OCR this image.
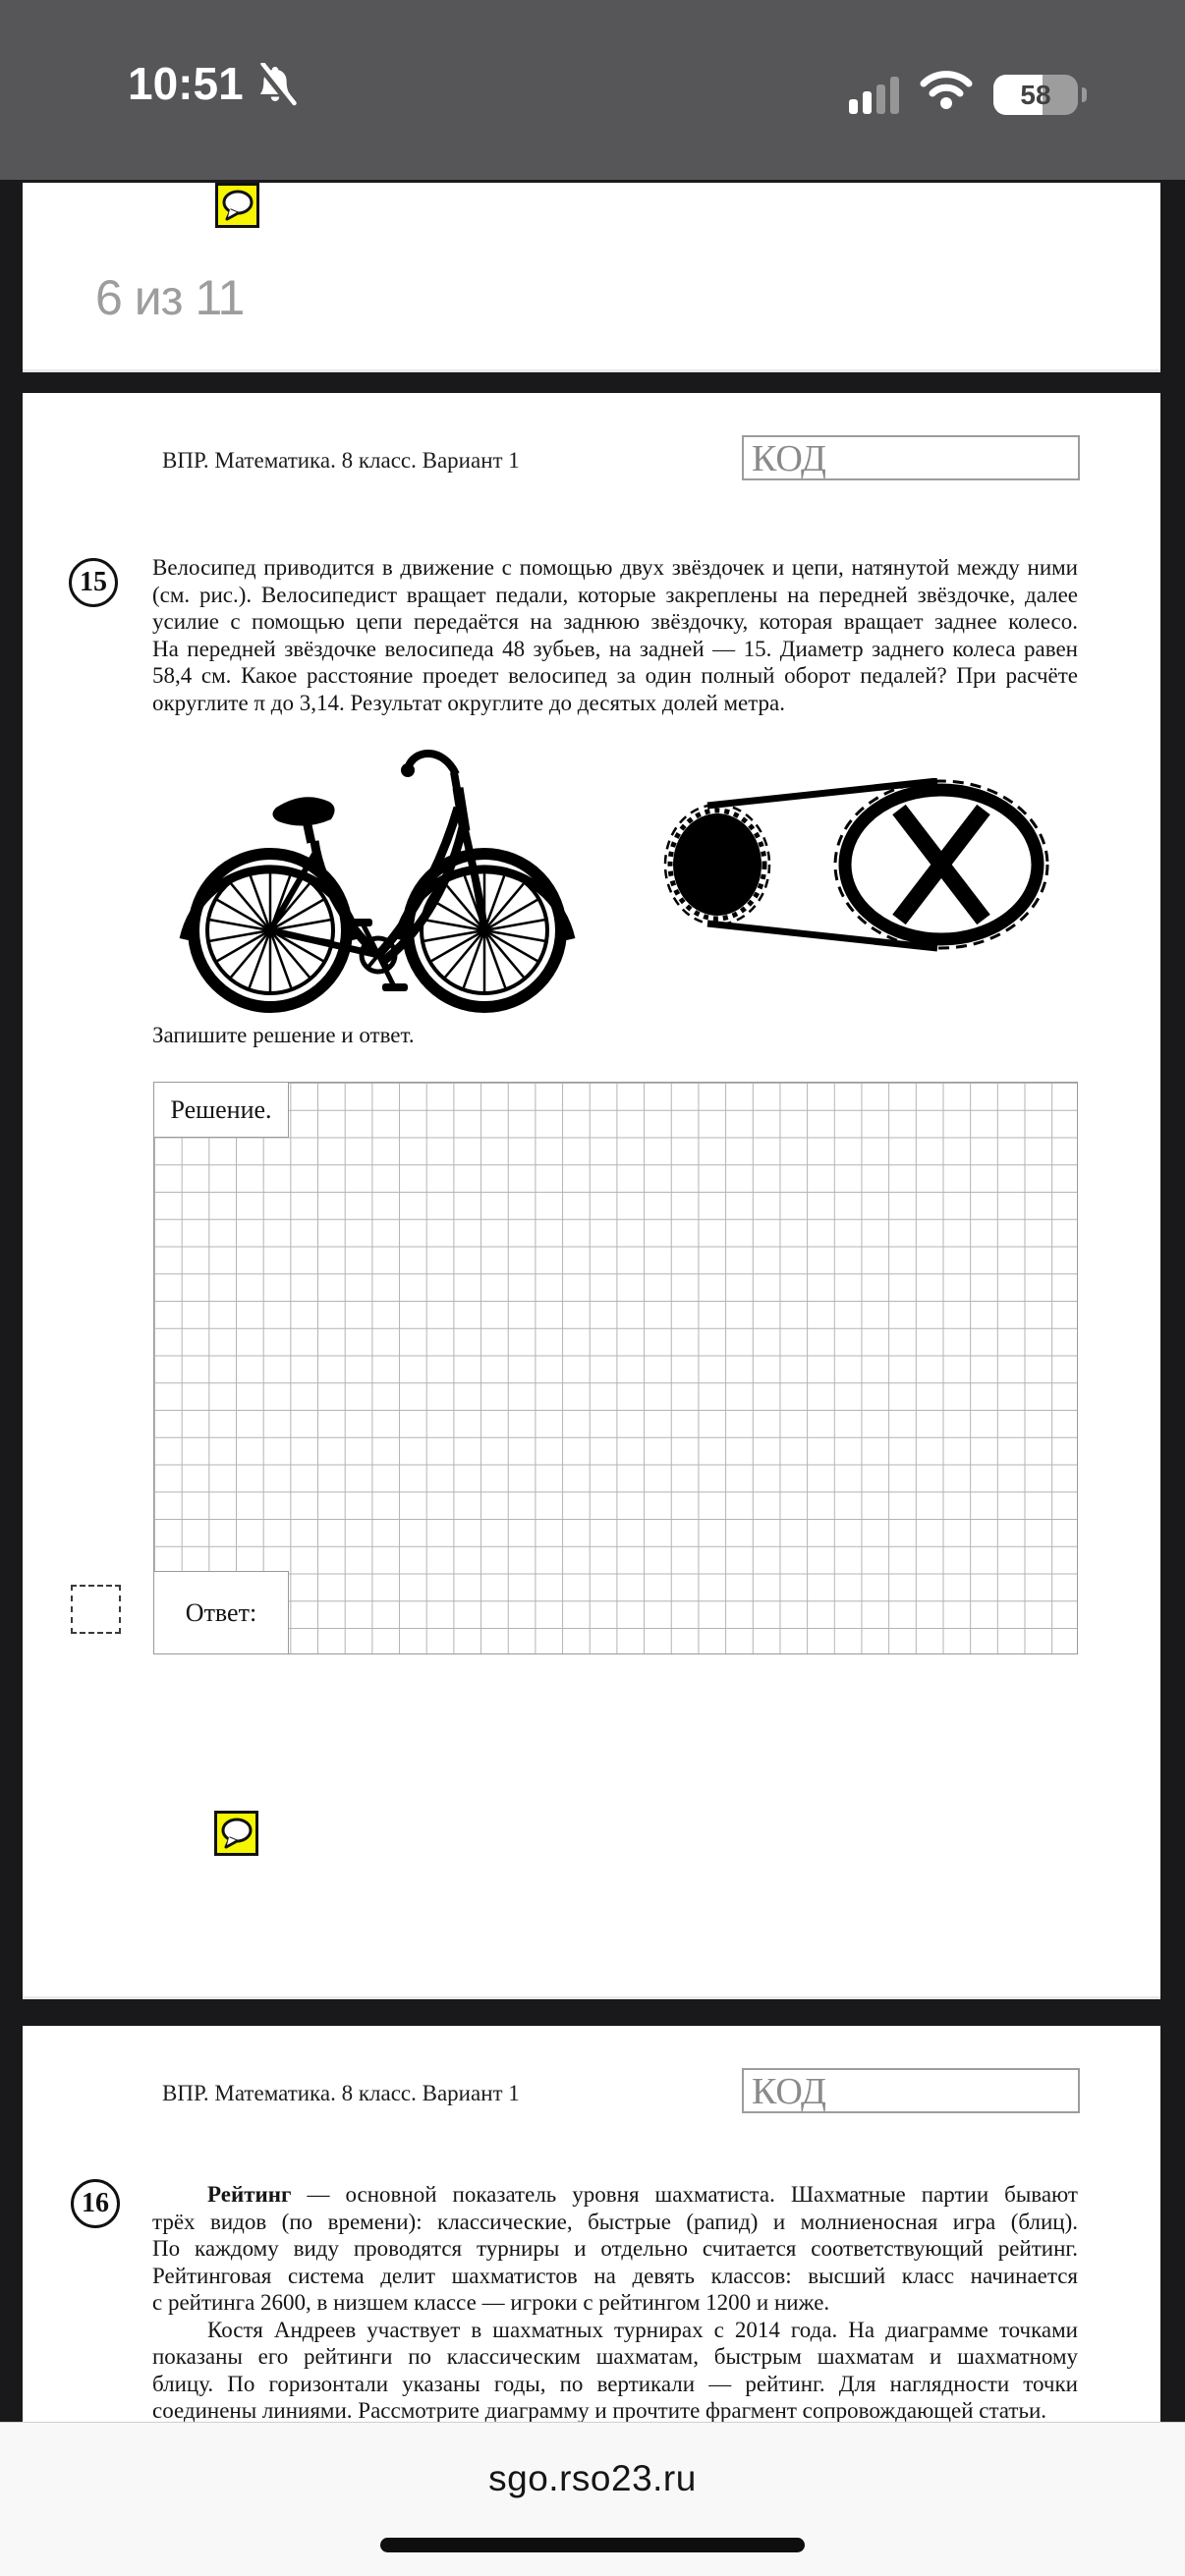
10:51	58
6 из 11
ВПР. Математика. 8 класс. Вариант 1	КОД
15 Велосипед приводится в движение с помощью двух звёздочек и цепи, натянутой между ними
(см. рис.). Велосипедист вращает педали, которые закреплены на передней звёздочке, далее
усилие с помощью цепи передаётся на заднюю звёздочку, которая вращает заднее колесо.
На передней звёздочке велосипеда 48 зубьев, на задней — 15. Диаметр заднего колеса равен
58,4 см. Какое расстояние проедет велосипед за один полный оборот педалей? При расчёте
округлите π до 3,14. Результат округлите до десятых долей метра.
Запишите решение и ответ.
Решение.
Ответ:
ВПР. Математика. 8 класс. Вариант 1	КОД
16	Рейтинг — основной показатель уровня шахматиста. Шахматные партии бывают
трёх видов (по времени): классические, быстрые (рапид) и молниеносная игра (блиц).
По каждому виду проводятся турниры и отдельно считается соответствующий рейтинг.
Рейтинговая система делит шахматистов на девять классов: высший класс начинается
с рейтинга 2600, в низшем классе — игроки с рейтингом 1200 и ниже.
Костя Андреев участвует в шахматных турнирах с 2014 года. На диаграмме точками
показаны его рейтинги по классическим шахматам, быстрым шахматам и шахматному
блицу. По горизонтали указаны годы, по вертикали — рейтинг. Для наглядности точки
соединены линиями. Рассмотрите диаграмму и прочтите фрагмент сопровождающей статьи.
sgo.rso23.ru
